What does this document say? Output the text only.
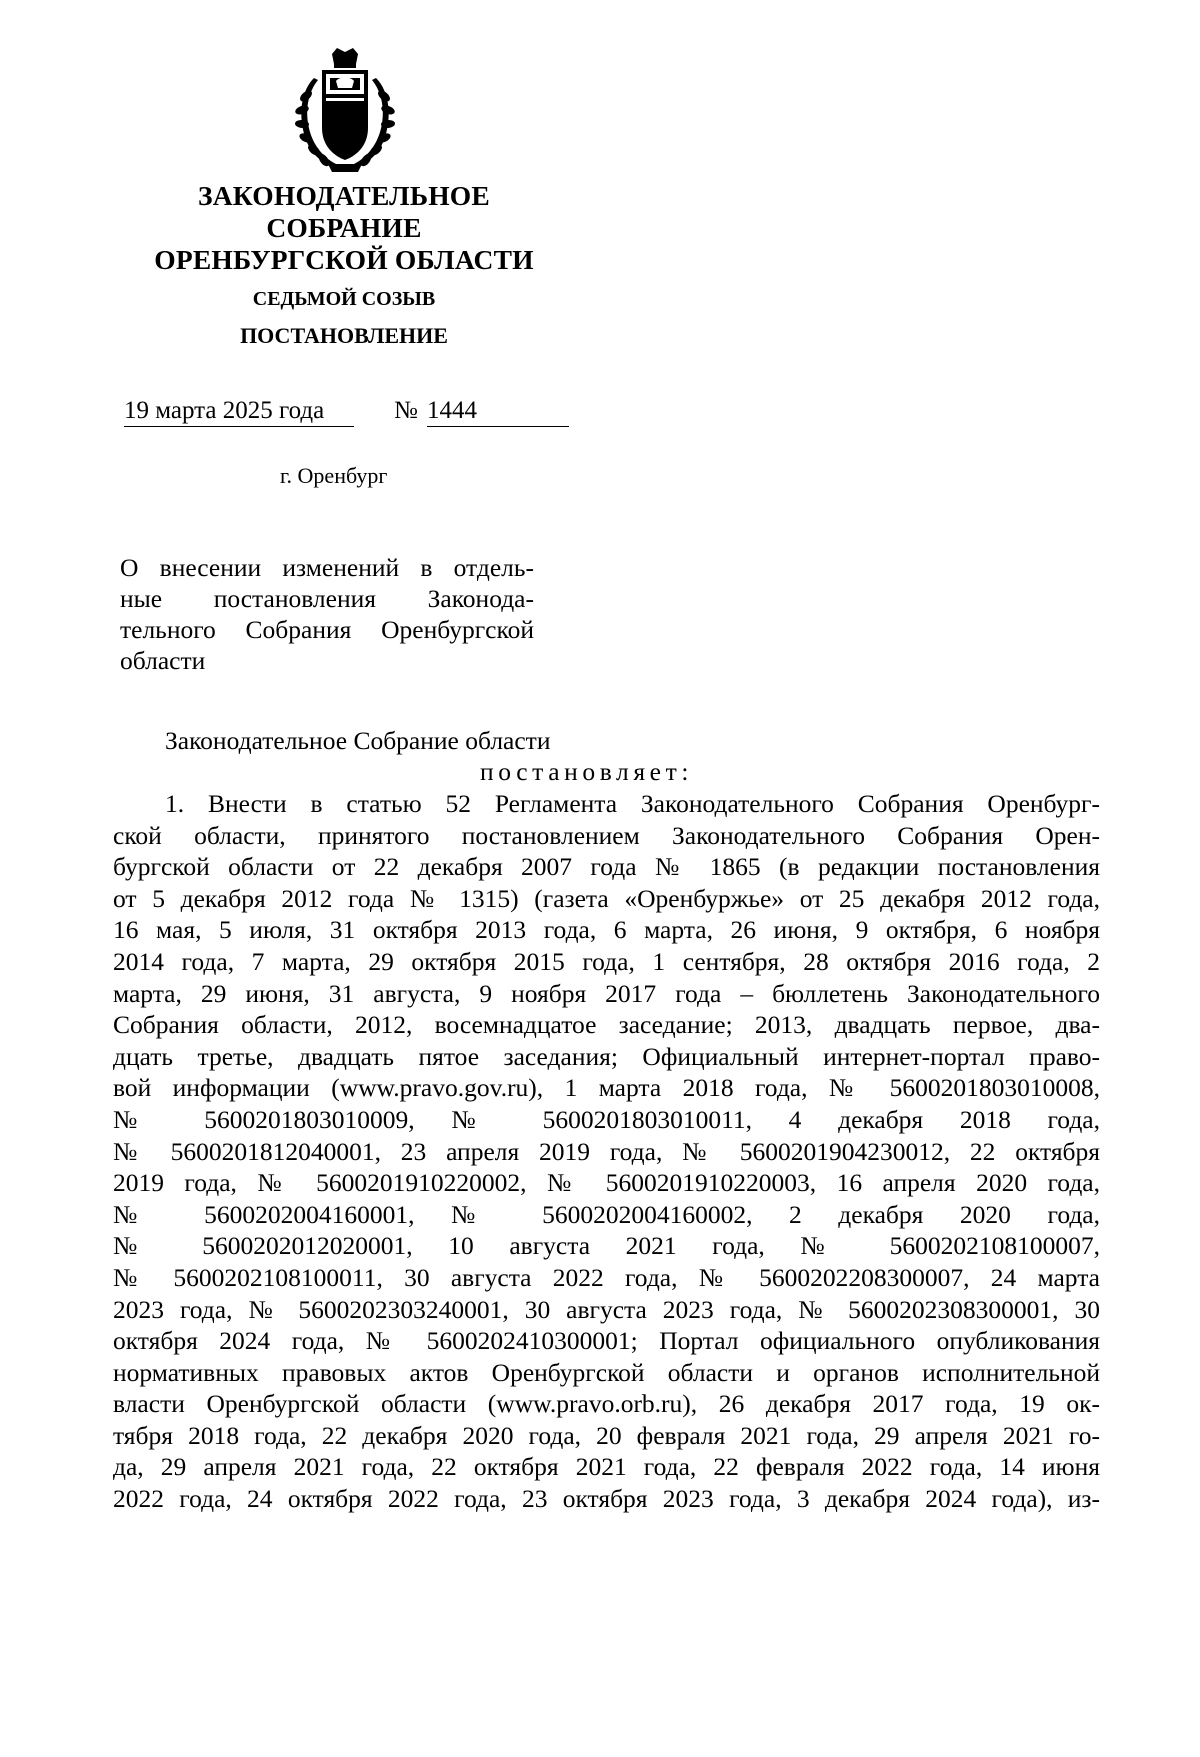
ЗАКОНОДАТЕЛЬНОЕ
СОБРАНИЕ
ОРЕНБУРГСКОЙ ОБЛАСТИ
СЕДЬМОЙ СОЗЫВ
ПОСТАНОВЛЕНИЕ
19 марта 2025 года	№ 1444
г. Оренбург
О внесении изменений в отдель-
ные постановления Законода-
тельного Собрания Оренбургской
области
Законодательное Собрание области
постановляет:
1. Внести в статью 52 Регламента Законодательного Собрания Оренбург-
ской области, принятого постановлением Законодательного Собрания Орен-
бургской области от 22 декабря 2007 года № 1865 (в редакции постановления
от 5 декабря 2012 года № 1315) (газета «Оренбуржье» от 25 декабря 2012 года,
16 мая, 5 июля, 31 октября 2013 года, 6 марта, 26 июня, 9 октября, 6 ноября
2014 года, 7 марта, 29 октября 2015 года, 1 сентября, 28 октября 2016 года, 2
марта, 29 июня, 31 августа, 9 ноября 2017 года – бюллетень Законодательного
Собрания области, 2012, восемнадцатое заседание; 2013, двадцать первое, два-
дцать третье, двадцать пятое заседания; Официальный интернет-портал право-
вой информации (www.pravo.gov.ru), 1 марта 2018 года, № 5600201803010008,
№ 5600201803010009, № 5600201803010011, 4 декабря 2018 года,
№ 5600201812040001, 23 апреля 2019 года, № 5600201904230012, 22 октября
2019 года, № 5600201910220002, № 5600201910220003, 16 апреля 2020 года,
№ 5600202004160001, № 5600202004160002, 2 декабря 2020 года,
№ 5600202012020001, 10 августа 2021 года, № 5600202108100007,
№ 5600202108100011, 30 августа 2022 года, № 5600202208300007, 24 марта
2023 года, № 5600202303240001, 30 августа 2023 года, № 5600202308300001, 30
октября 2024 года, № 5600202410300001; Портал официального опубликования
нормативных правовых актов Оренбургской области и органов исполнительной
власти Оренбургской области (www.pravo.orb.ru), 26 декабря 2017 года, 19 ок-
тября 2018 года, 22 декабря 2020 года, 20 февраля 2021 года, 29 апреля 2021 го-
да, 29 апреля 2021 года, 22 октября 2021 года, 22 февраля 2022 года, 14 июня
2022 года, 24 октября 2022 года, 23 октября 2023 года, 3 декабря 2024 года), из-
